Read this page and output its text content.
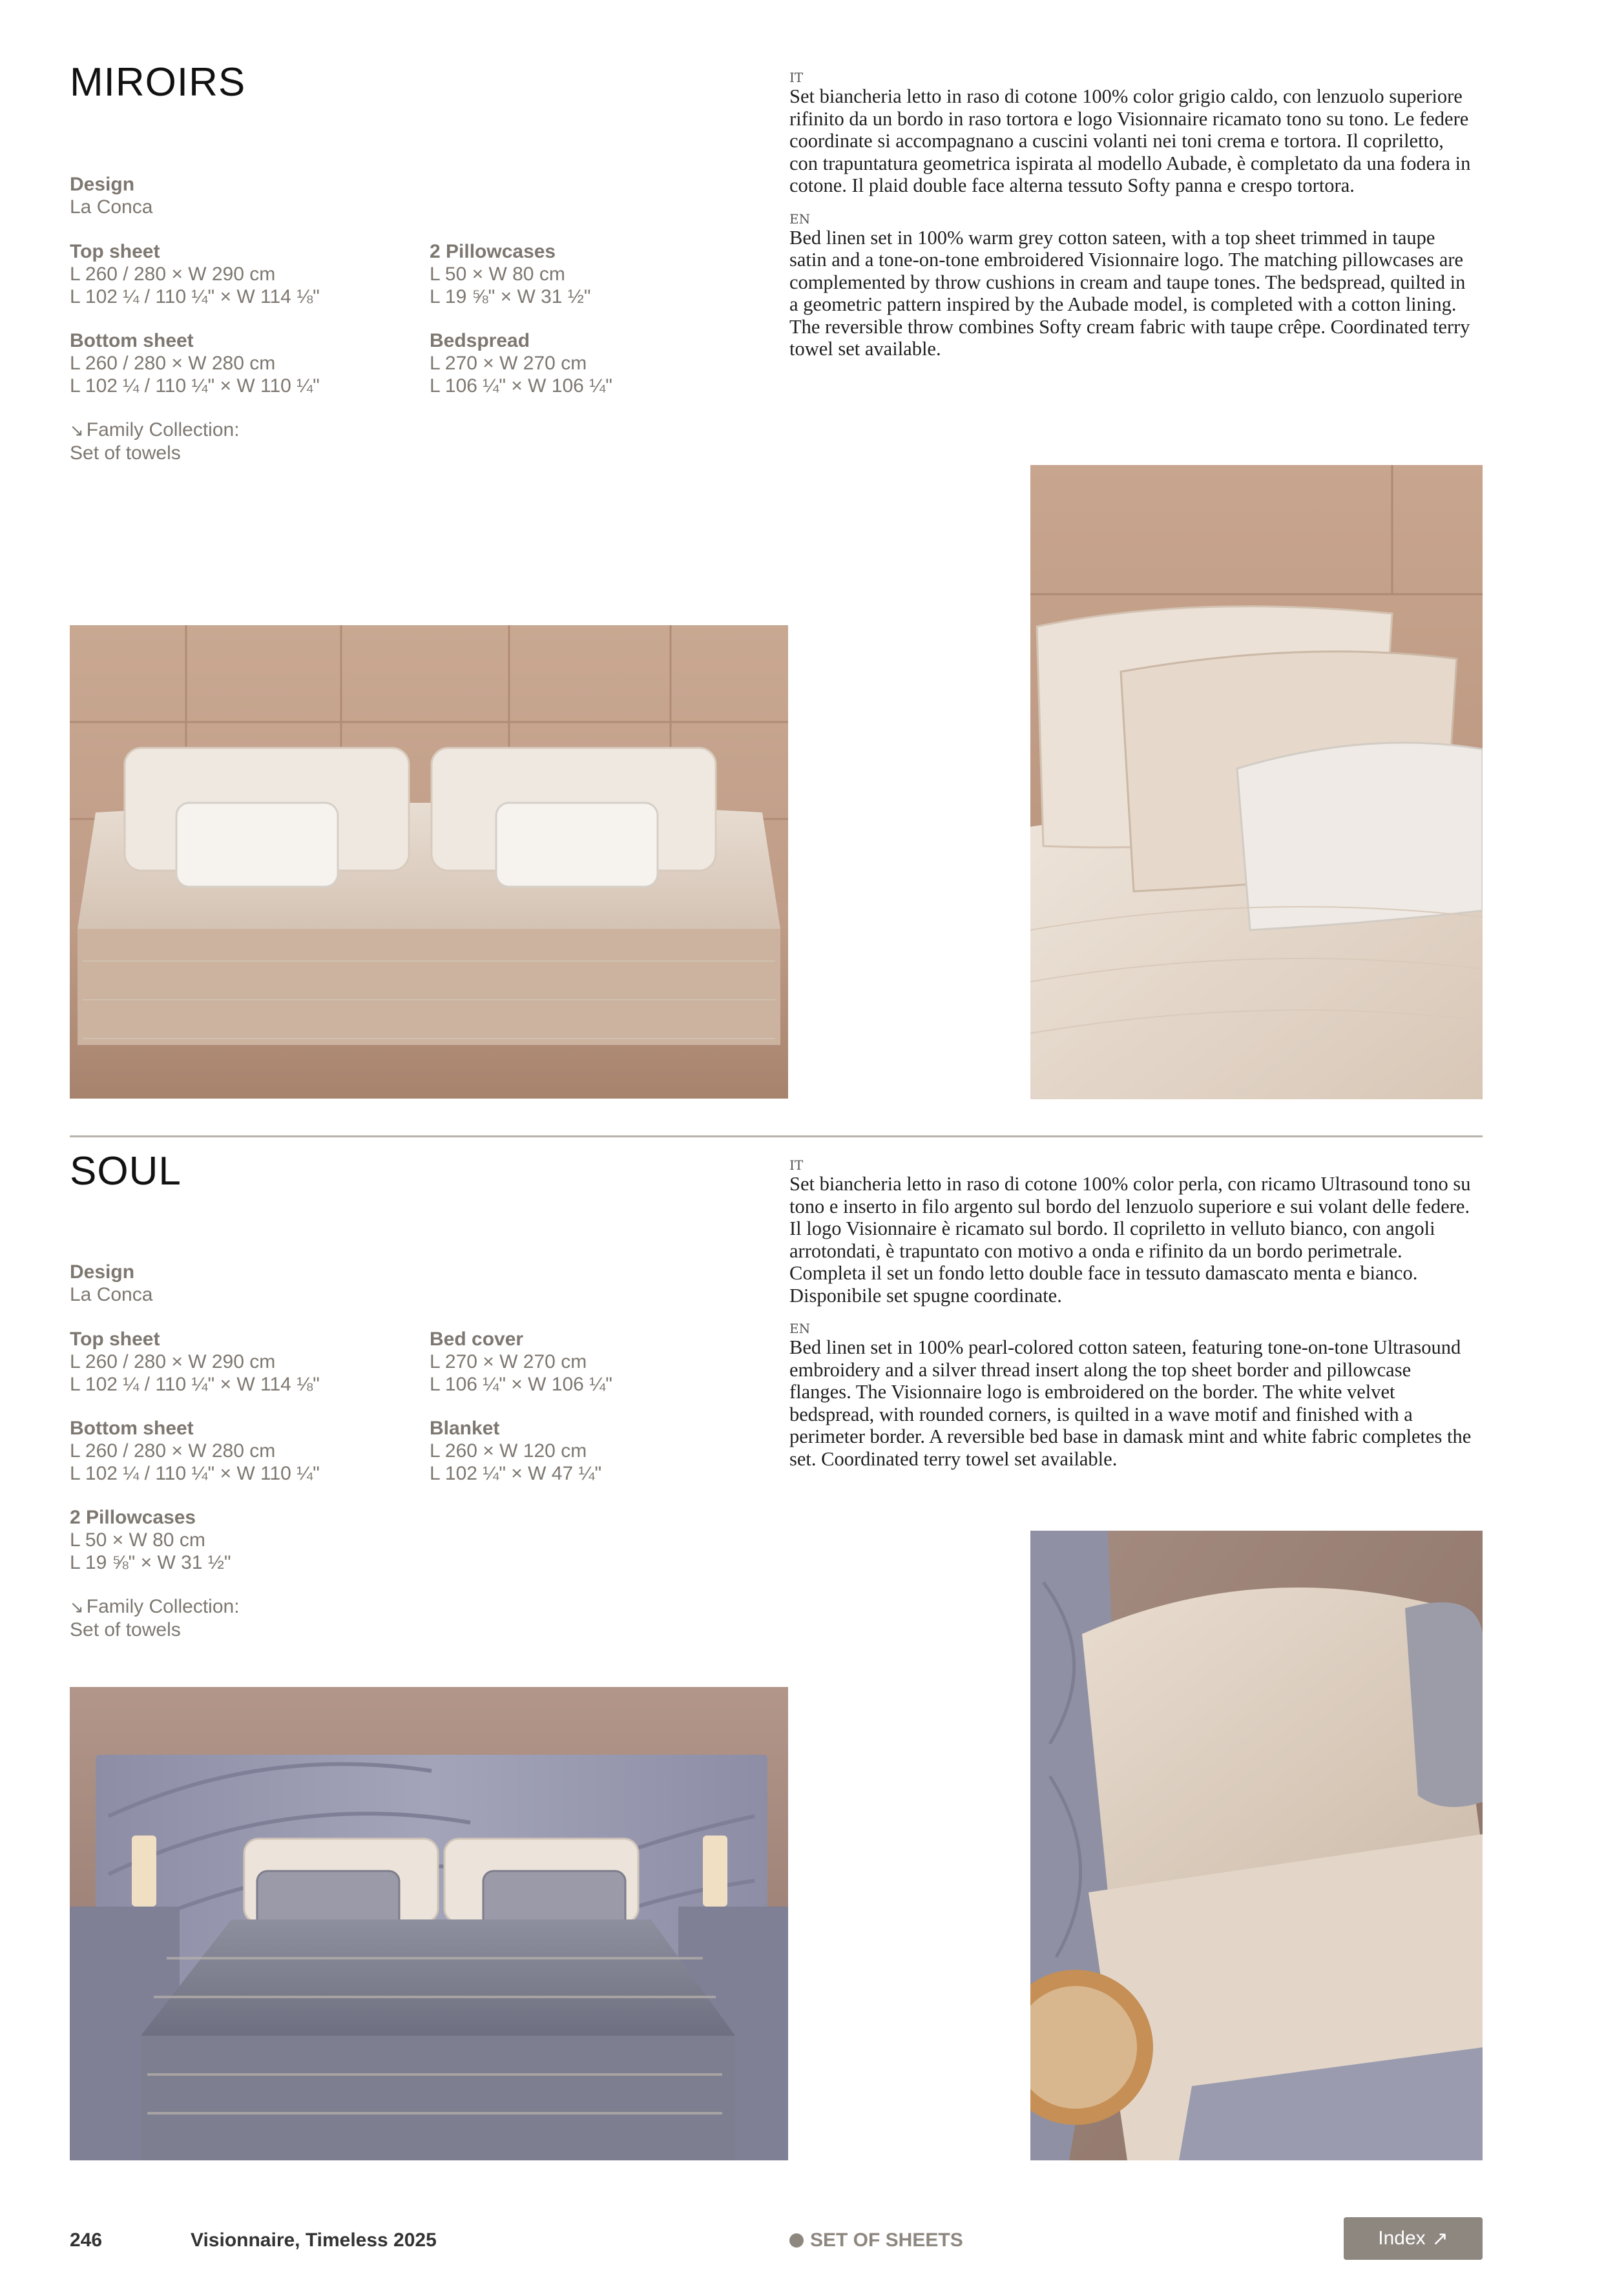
MIROIRS
Design
La Conca
Top sheet
L 260 / 280 × W 290 cm
L 102 ¼ / 110 ¼" × W 114 ⅛"
2 Pillowcases
L 50 × W 80 cm
L 19 ⅝" × W 31 ½"
Bottom sheet
L 260 / 280 × W 280 cm
L 102 ¼ / 110 ¼" × W 110 ¼"
Bedspread
L 270 × W 270 cm
L 106 ¼" × W 106 ¼"
↘ Family Collection:
Set of towels
IT
Set biancheria letto in raso di cotone 100% color grigio caldo, con lenzuolo superiore rifinito da un bordo in raso tortora e logo Visionnaire ricamato tono su tono. Le federe coordinate si accompagnano a cuscini volanti nei toni crema e tortora. Il copriletto, con trapuntatura geometrica ispirata al modello Aubade, è completato da una fodera in cotone. Il plaid double face alterna tessuto Softy panna e crespo tortora.
EN
Bed linen set in 100% warm grey cotton sateen, with a top sheet trimmed in taupe satin and a tone-on-tone embroidered Visionnaire logo. The matching pillowcases are complemented by throw cushions in cream and taupe tones. The bedspread, quilted in a geometric pattern inspired by the Aubade model, is completed with a cotton lining. The reversible throw combines Softy cream fabric with taupe crêpe. Coordinated terry towel set available.
SOUL
Design
La Conca
Top sheet
L 260 / 280 × W 290 cm
L 102 ¼ / 110 ¼" × W 114 ⅛"
Bed cover
L 270 × W 270 cm
L 106 ¼" × W 106 ¼"
Bottom sheet
L 260 / 280 × W 280 cm
L 102 ¼ / 110 ¼" × W 110 ¼"
Blanket
L 260 × W 120 cm
L 102 ¼" × W 47 ¼"
2 Pillowcases
L 50 × W 80 cm
L 19 ⅝" × W 31 ½"
↘ Family Collection:
Set of towels
IT
Set biancheria letto in raso di cotone 100% color perla, con ricamo Ultrasound tono su tono e inserto in filo argento sul bordo del lenzuolo superiore e sui volant delle federe. Il logo Visionnaire è ricamato sul bordo. Il copriletto in velluto bianco, con angoli arrotondati, è trapuntato con motivo a onda e rifinito da un bordo perimetrale. Completa il set un fondo letto double face in tessuto damascato menta e bianco. Disponibile set spugne coordinate.
EN
Bed linen set in 100% pearl-colored cotton sateen, featuring tone-on-tone Ultrasound embroidery and a silver thread insert along the top sheet border and pillowcase flanges. The Visionnaire logo is embroidered on the border. The white velvet bedspread, with rounded corners, is quilted in a wave motif and finished with a perimeter border. A reversible bed base in damask mint and white fabric completes the set. Coordinated terry towel set available.
246	Visionnaire, Timeless 2025	SET OF SHEETS	Index ↗
